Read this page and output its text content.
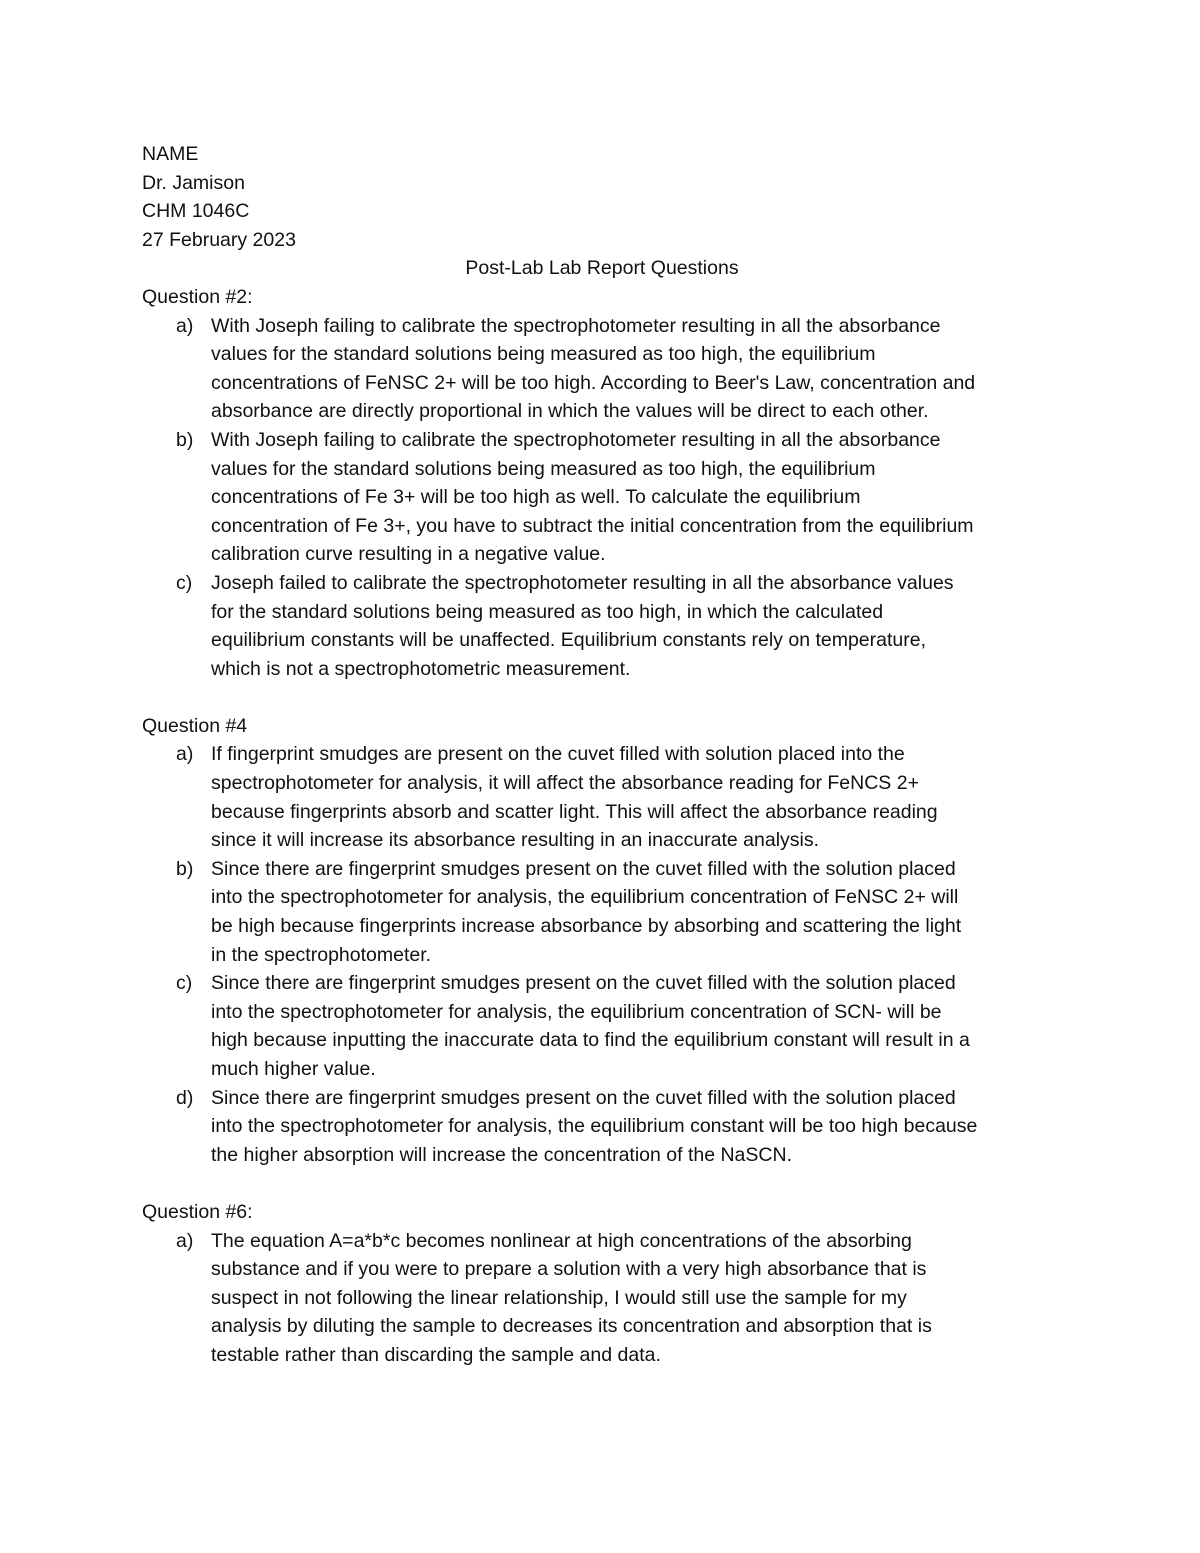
NAME
Dr. Jamison
CHM 1046C
27 February 2023
Post-Lab Lab Report Questions
Question #2:
a) With Joseph failing to calibrate the spectrophotometer resulting in all the absorbance
values for the standard solutions being measured as too high, the equilibrium
concentrations of FeNSC 2+ will be too high. According to Beer's Law, concentration and
absorbance are directly proportional in which the values will be direct to each other.
b) With Joseph failing to calibrate the spectrophotometer resulting in all the absorbance
values for the standard solutions being measured as too high, the equilibrium
concentrations of Fe 3+ will be too high as well. To calculate the equilibrium
concentration of Fe 3+, you have to subtract the initial concentration from the equilibrium
calibration curve resulting in a negative value.
c) Joseph failed to calibrate the spectrophotometer resulting in all the absorbance values
for the standard solutions being measured as too high, in which the calculated
equilibrium constants will be unaffected. Equilibrium constants rely on temperature,
which is not a spectrophotometric measurement.
Question #4
a) If fingerprint smudges are present on the cuvet filled with solution placed into the
spectrophotometer for analysis, it will affect the absorbance reading for FeNCS 2+
because fingerprints absorb and scatter light. This will affect the absorbance reading
since it will increase its absorbance resulting in an inaccurate analysis.
b) Since there are fingerprint smudges present on the cuvet filled with the solution placed
into the spectrophotometer for analysis, the equilibrium concentration of FeNSC 2+ will
be high because fingerprints increase absorbance by absorbing and scattering the light
in the spectrophotometer.
c) Since there are fingerprint smudges present on the cuvet filled with the solution placed
into the spectrophotometer for analysis, the equilibrium concentration of SCN- will be
high because inputting the inaccurate data to find the equilibrium constant will result in a
much higher value.
d) Since there are fingerprint smudges present on the cuvet filled with the solution placed
into the spectrophotometer for analysis, the equilibrium constant will be too high because
the higher absorption will increase the concentration of the NaSCN.
Question #6:
a) The equation A=a*b*c becomes nonlinear at high concentrations of the absorbing
substance and if you were to prepare a solution with a very high absorbance that is
suspect in not following the linear relationship, I would still use the sample for my
analysis by diluting the sample to decreases its concentration and absorption that is
testable rather than discarding the sample and data.
